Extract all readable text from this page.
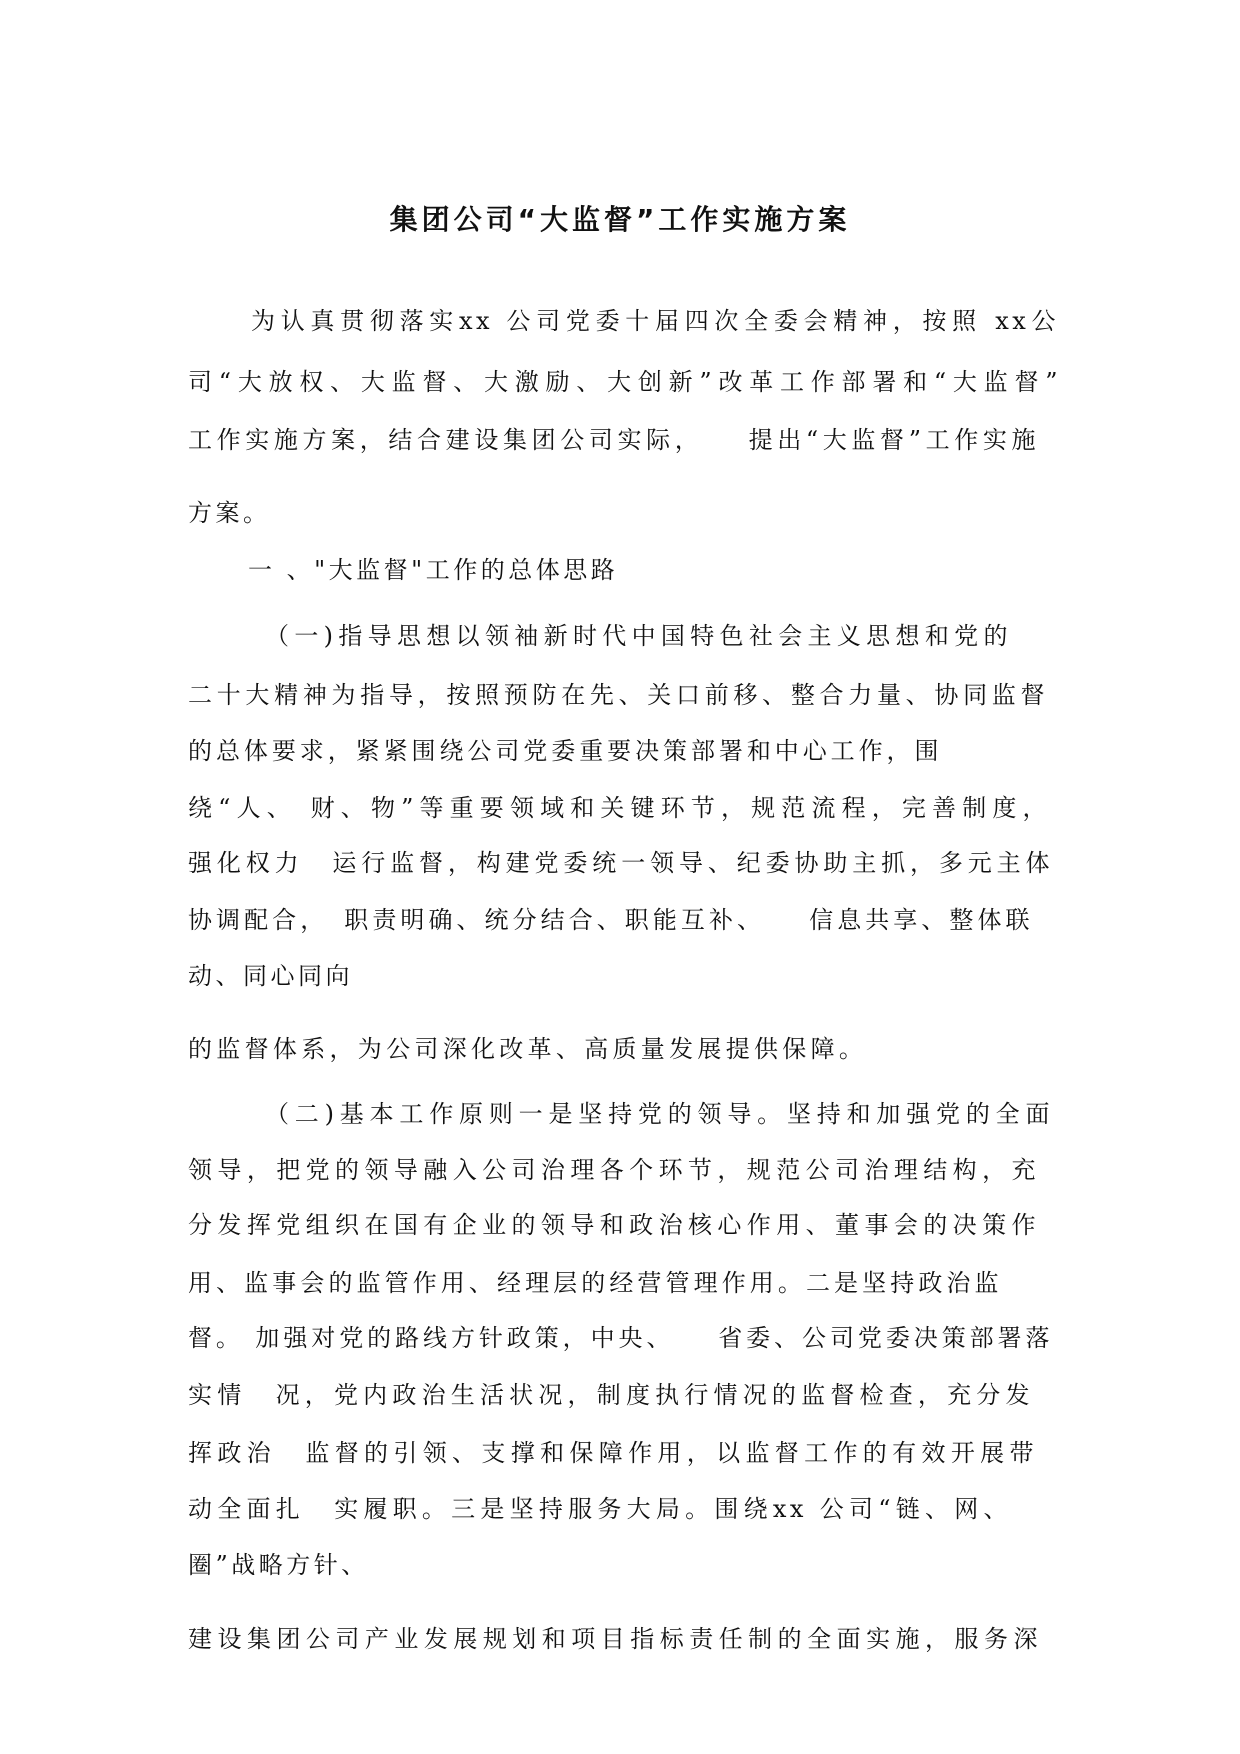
集团公司“大监督”工作实施方案
为认真贯彻落实xx 公司党委十届四次全委会精神，按照 xx公
司“大放权、大监督、大激励、大创新”改革工作部署和“大监督”
工作实施方案，结合建设集团公司实际，　　提出“大监督”工作实施
方案。
一 、"大监督"工作的总体思路
（一)指导思想以领袖新时代中国特色社会主义思想和党的
二十大精神为指导，按照预防在先、关口前移、整合力量、协同监督
的总体要求，紧紧围绕公司党委重要决策部署和中心工作，围
绕“人、 财、物”等重要领域和关键环节，规范流程，完善制度，
强化权力　运行监督，构建党委统一领导、纪委协助主抓，多元主体
协调配合，　职责明确、统分结合、职能互补、　　信息共享、整体联
动、同心同向
的监督体系，为公司深化改革、高质量发展提供保障。
（二)基本工作原则一是坚持党的领导。坚持和加强党的全面
领导，把党的领导融入公司治理各个环节，规范公司治理结构，充
分发挥党组织在国有企业的领导和政治核心作用、董事会的决策作
用、监事会的监管作用、经理层的经营管理作用。二是坚持政治监
督。 加强对党的路线方针政策，中央、　　省委、公司党委决策部署落
实情　况，党内政治生活状况，制度执行情况的监督检查，充分发
挥政治　监督的引领、支撑和保障作用，以监督工作的有效开展带
动全面扎　实履职。三是坚持服务大局。围绕xx 公司“链、网、
圈”战略方针、
建设集团公司产业发展规划和项目指标责任制的全面实施，服务深
